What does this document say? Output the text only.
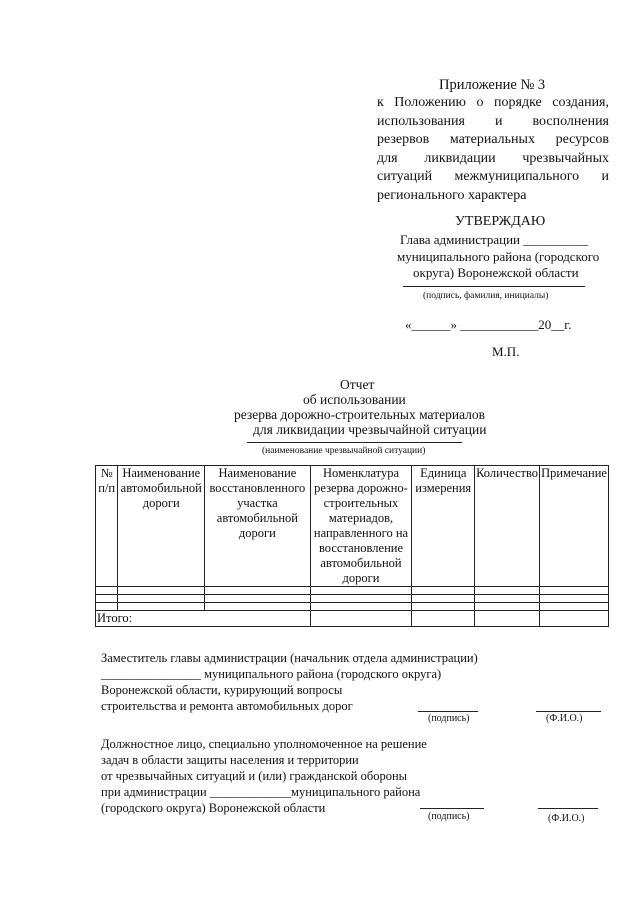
Приложение № 3
к Положению о порядке создания,
использования и восполнения
резервов материальных ресурсов
для ликвидации чрезвычайных
ситуаций межмуниципального и
регионального характера
УТВЕРЖДАЮ
Глава администрации __________
муниципального района (городского
округа) Воронежской области
(подпись, фамилия, инициалы)
«______» ____________20__г.
М.П.
Отчет
об использовании
резерва дорожно-строительных материалов
для ликвидации чрезвычайной ситуации
(наименование чрезвычайной ситуации)
№ п/п	Наименование автомобильной дороги	Наименование восстановленного участка автомобильной дороги	Номенклатура резерва дорожно-строительных материадов, направленного на восстановление автомобильной дороги	Единица измерения	Количество	Примечание

Итого:						
Заместитель главы администрации (начальник отдела администрации)
________________ муниципального района (городского округа)
Воронежской области, курирующий вопросы
строительства и ремонта автомобильных дорог
(подпись)	(Ф.И.О.)
Должностное лицо, специально уполномоченное на решение
задач в области защиты населения и территории
от чрезвычайных ситуаций и (или) гражданской обороны
при администрации _____________муниципального района
(городского округа) Воронежской области
(подпись)	(Ф.И.О.)
